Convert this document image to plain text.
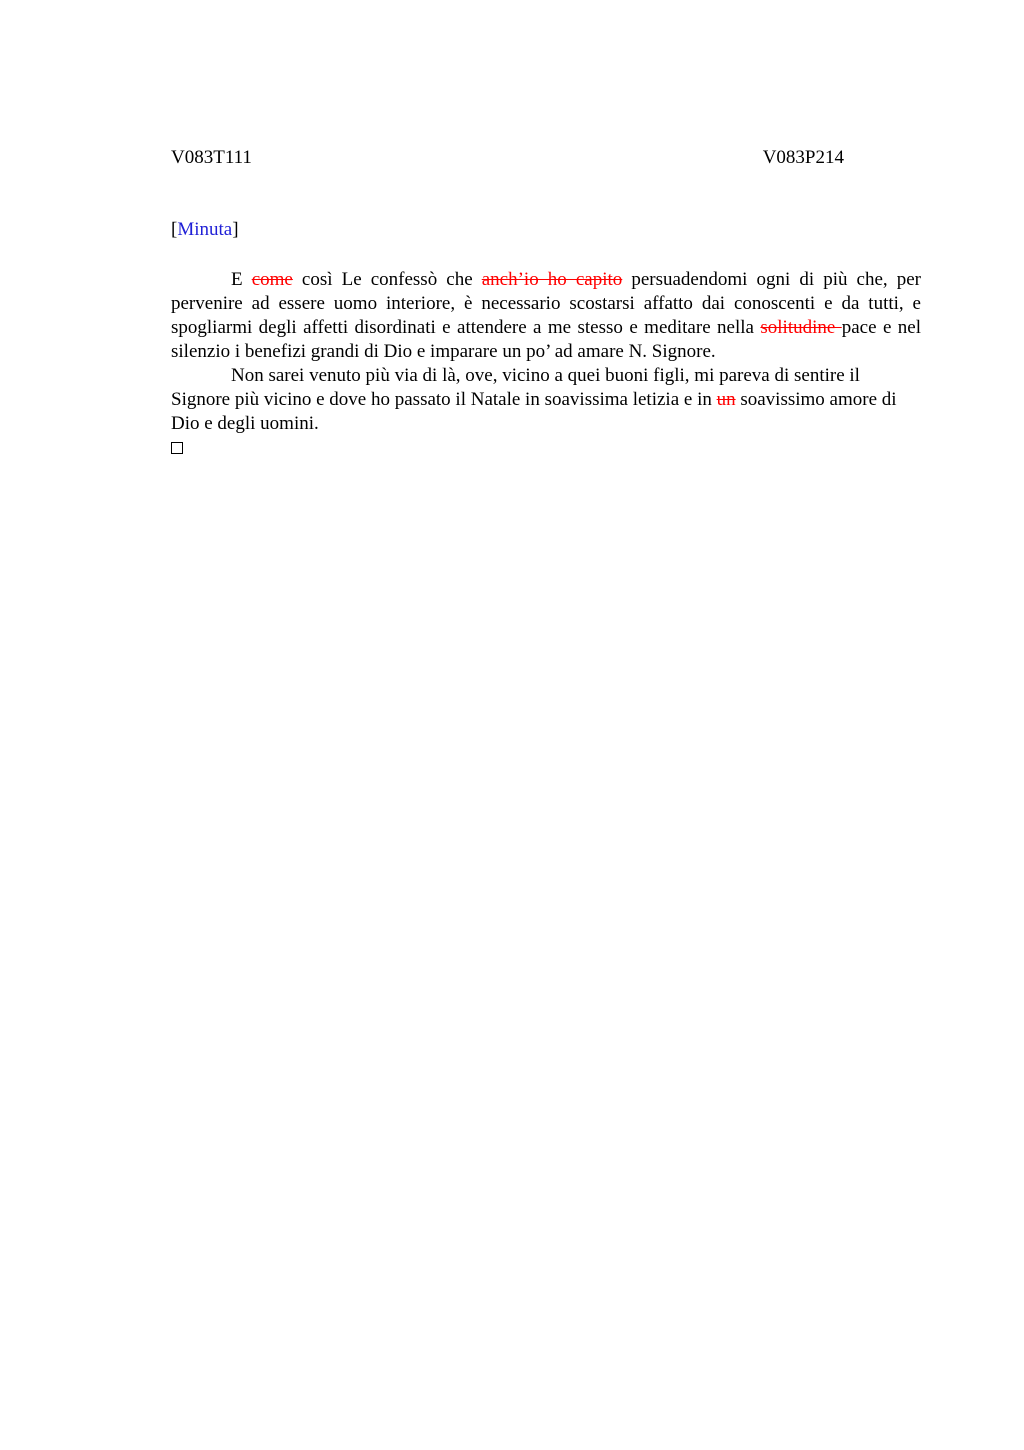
V083T111	V083P214
[Minuta]

E come così Le confessò che anch’io ho capito persuadendomi ogni di più che, per pervenire ad essere uomo interiore, è necessario scostarsi affatto dai conoscenti e da tutti, e spogliarmi degli affetti disordinati e attendere a me stesso e meditare nella solitudine pace e nel silenzio i benefizi grandi di Dio e imparare un po’ ad amare N. Signore.

Non sarei venuto più via di là, ove, vicino a quei buoni figli, mi pareva di sentire il Signore più vicino e dove ho passato il Natale in soavissima letizia e in un soavissimo amore di Dio e degli uomini.
